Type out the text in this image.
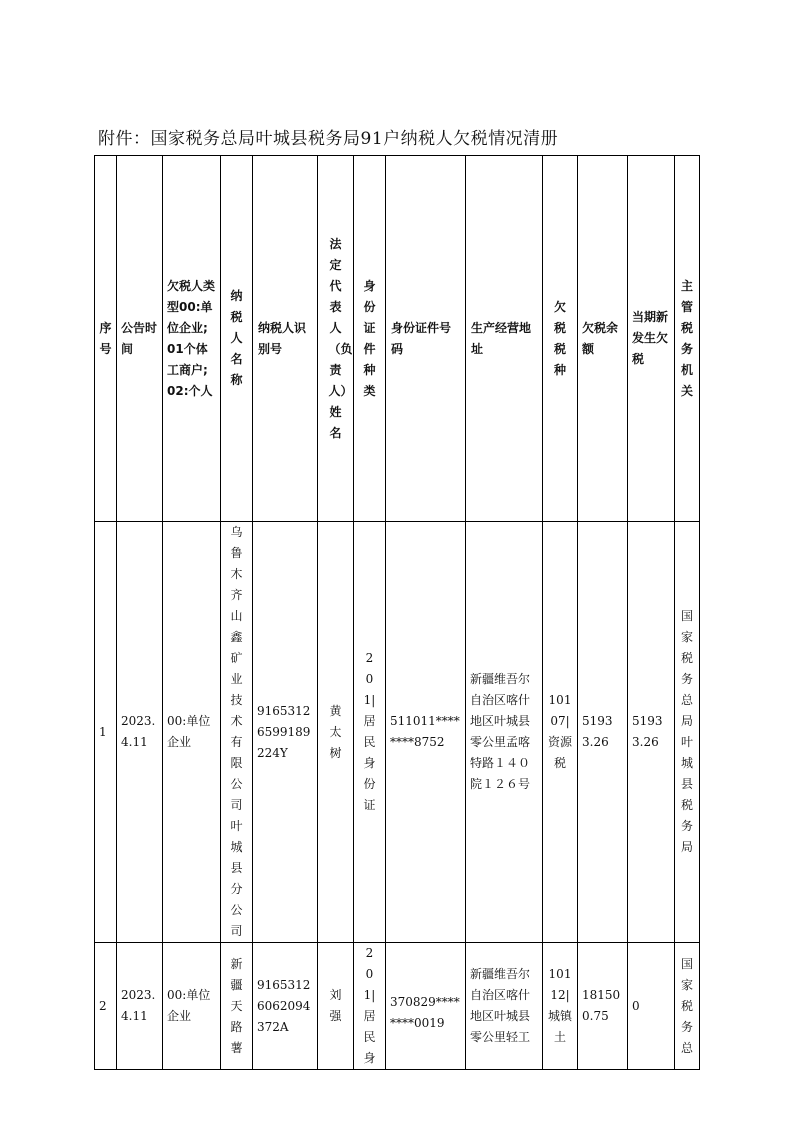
附件：国家税务总局叶城县税务局91户纳税人欠税情况清册
序号	公告时间	欠税人类型00:单位企业;01个体工商户;02:个人	纳税人名称	纳税人识别号	法定代表人（负责人）姓名	身份证件种类	身份证件号码	生产经营地址	欠税税种	欠税余额	当期新发生欠税	主管税务机关

1	2023.4.11	00:单位企业	乌鲁木齐山鑫矿业技术有限公司叶城县分公司	91653126599189224Y	黄太树	201|居民身份证	511011********8752	新疆维吾尔自治区喀什地区叶城县零公里孟喀特路１４０院１２６号	10107|资源税	51933.26	51933.26	国家税务总局叶城县税务局

2	2023.4.11	00:单位企业	新疆天路薯	91653126062094372A	刘强	201|居民身	370829********0019	新疆维吾尔自治区喀什地区叶城县零公里轻工	10112|城镇土	181500.75	0	国家税务总
